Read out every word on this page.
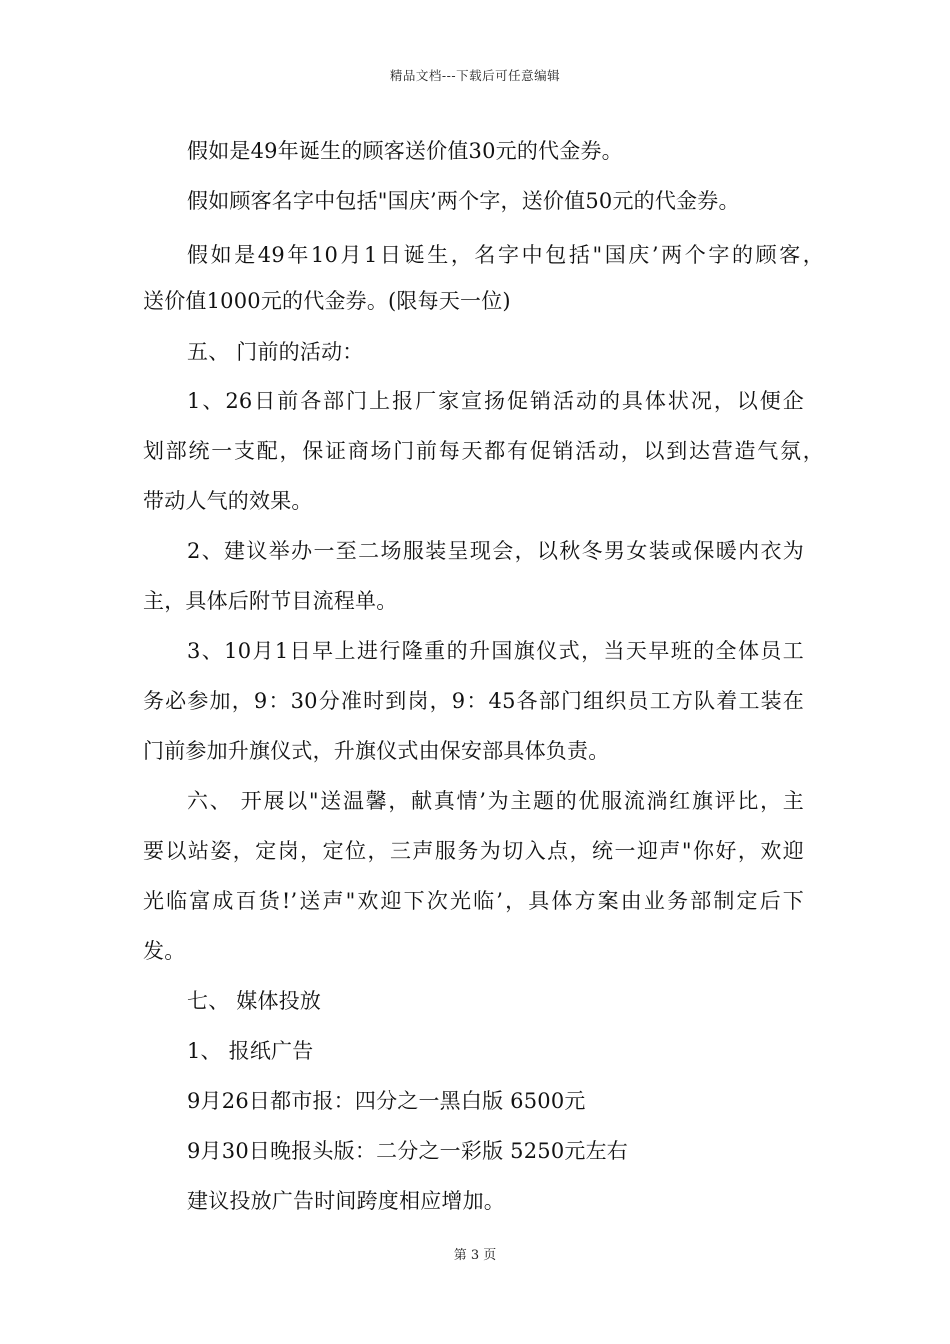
精品文档---下载后可任意编辑
假如是49年诞生的顾客送价值30元的代金券。
假如顾客名字中包括"国庆’两个字，送价值50元的代金券。
假如是49年10月1日诞生，名字中包括"国庆’两个字的顾客，
送价值1000元的代金券。(限每天一位)
五、 门前的活动：
1、26日前各部门上报厂家宣扬促销活动的具体状况，以便企
划部统一支配，保证商场门前每天都有促销活动，以到达营造气氛，
带动人气的效果。
2、建议举办一至二场服装呈现会，以秋冬男女装或保暖内衣为
主，具体后附节目流程单。
3、10月1日早上进行隆重的升国旗仪式，当天早班的全体员工
务必参加，9：30分准时到岗，9：45各部门组织员工方队着工装在
门前参加升旗仪式，升旗仪式由保安部具体负责。
六、 开展以"送温馨，献真情’为主题的优服流淌红旗评比，主
要以站姿，定岗，定位，三声服务为切入点，统一迎声"你好，欢迎
光临富成百货!’送声"欢迎下次光临’，具体方案由业务部制定后下
发。
七、 媒体投放
1、 报纸广告
9月26日都市报：四分之一黑白版 6500元
9月30日晚报头版：二分之一彩版 5250元左右
建议投放广告时间跨度相应增加。
第 3 页
